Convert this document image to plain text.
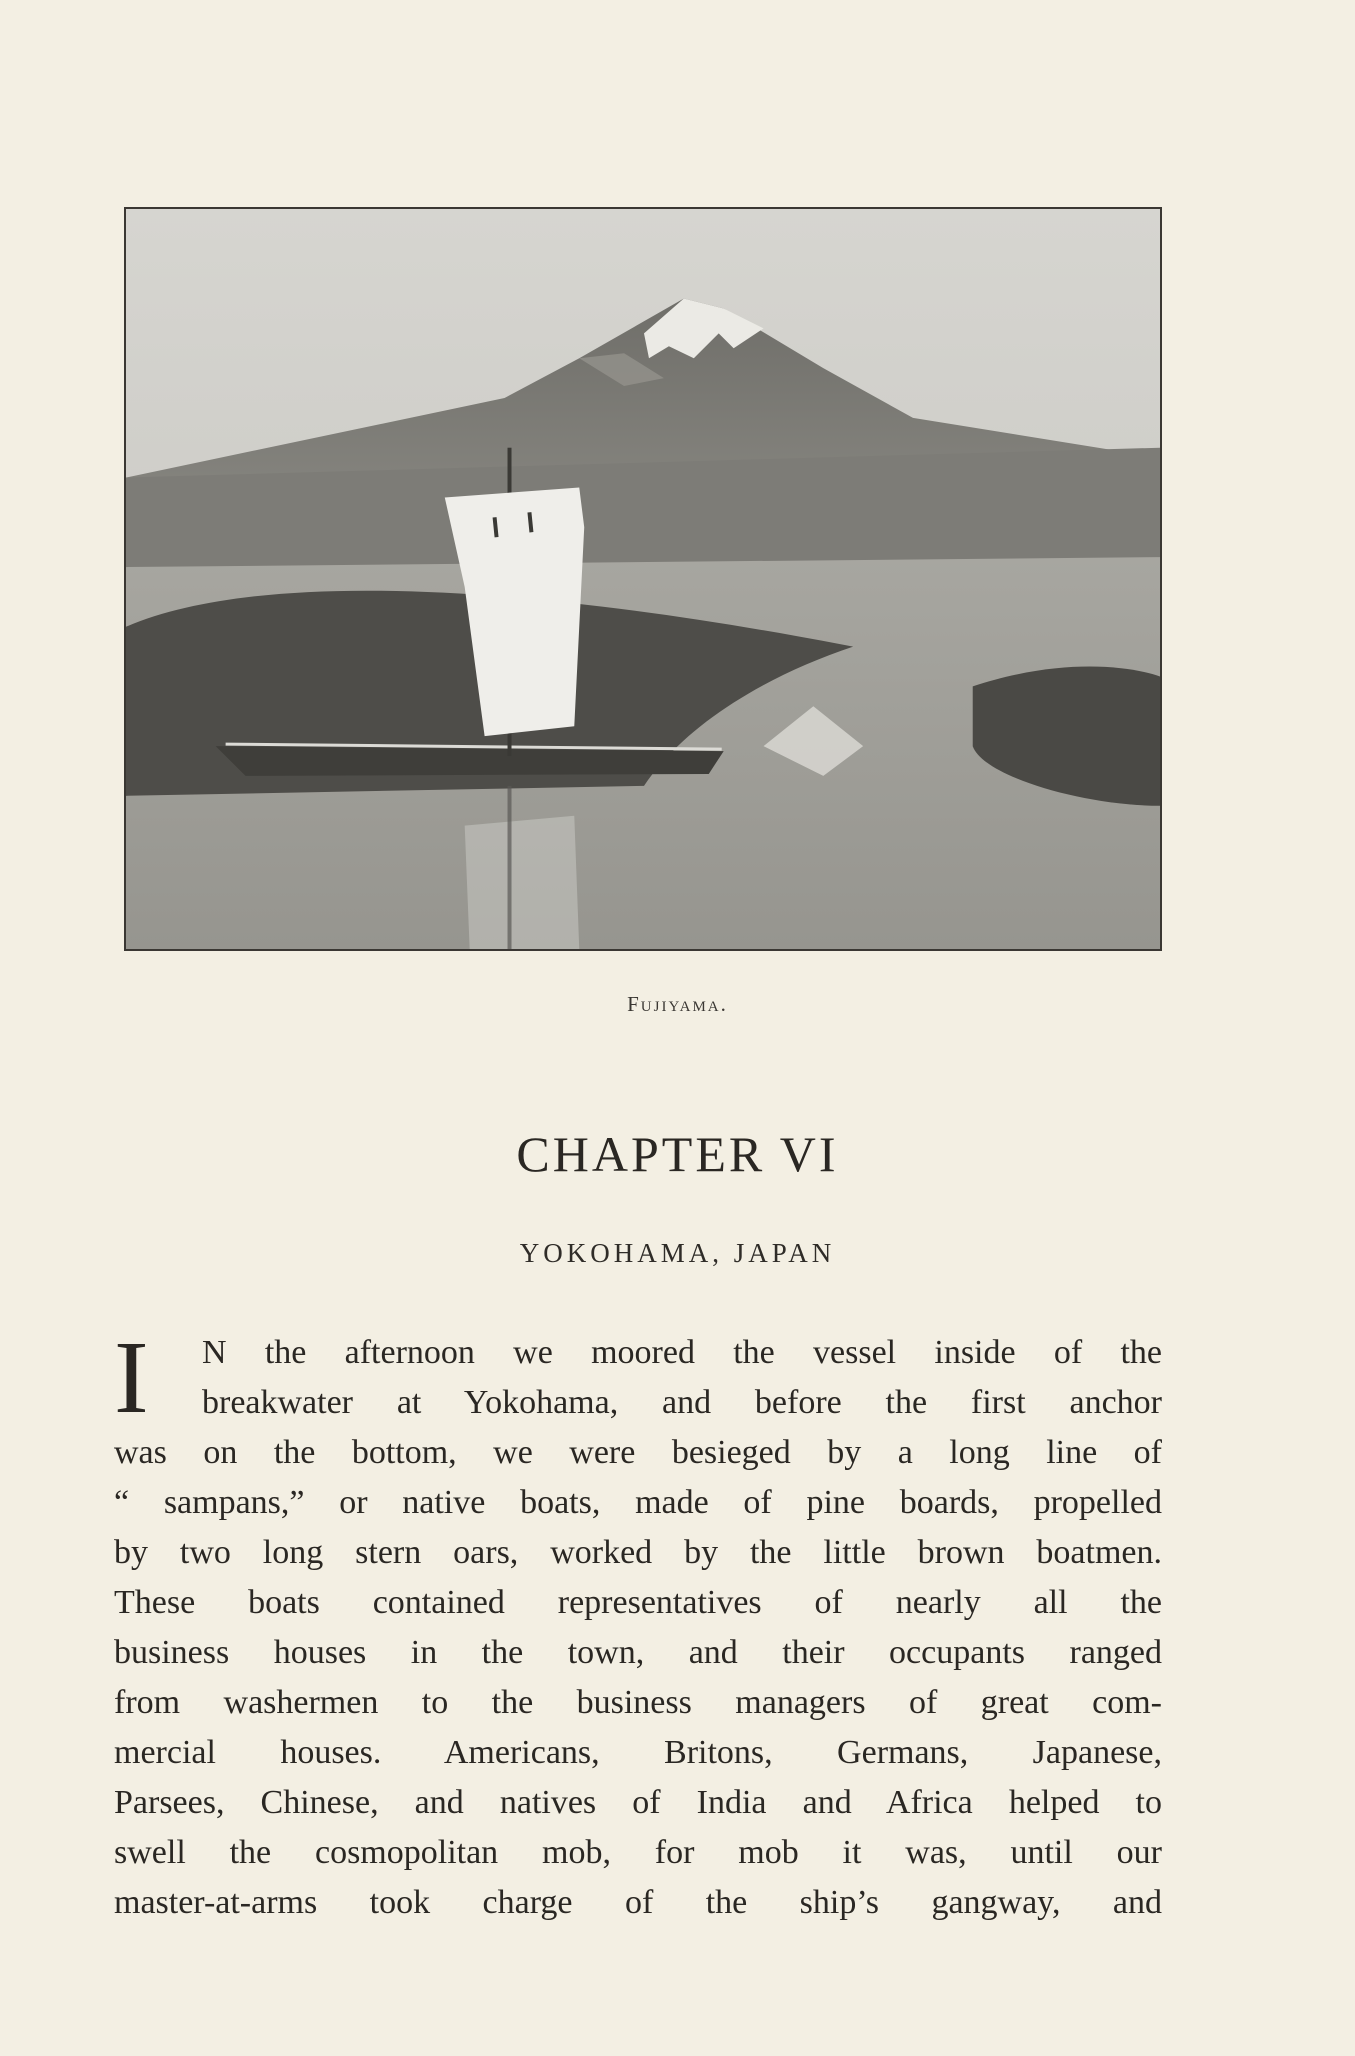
Fujiyama.
CHAPTER VI
YOKOHAMA, JAPAN
I	N the afternoon we moored the vessel inside of the
breakwater at Yokohama, and before the first anchor
was on the bottom, we were besieged by a long line of
“ sampans,” or native boats, made of pine boards, propelled
by two long stern oars, worked by the little brown boatmen.
These boats contained representatives of nearly all the
business houses in the town, and their occupants ranged
from washermen to the business managers of great com-
mercial houses. Americans, Britons, Germans, Japanese,
Parsees, Chinese, and natives of India and Africa helped to
swell the cosmopolitan mob, for mob it was, until our
master-at-arms took charge of the ship’s gangway, and
